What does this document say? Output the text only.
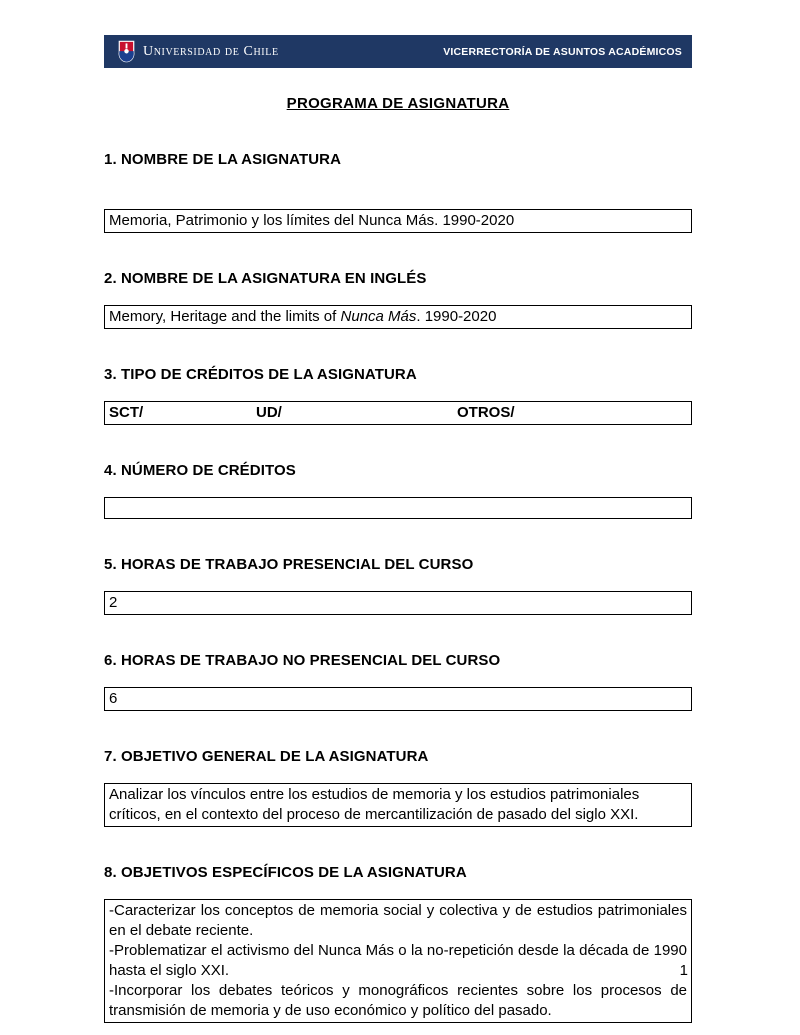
Universidad de Chile	VICERRECTORÍA DE ASUNTOS ACADÉMICOS
PROGRAMA DE ASIGNATURA
1. NOMBRE DE LA ASIGNATURA
Memoria, Patrimonio y los límites del Nunca Más. 1990-2020
2. NOMBRE DE LA ASIGNATURA EN INGLÉS
Memory, Heritage and the limits of Nunca Más. 1990-2020
3. TIPO DE CRÉDITOS DE LA ASIGNATURA
SCT/	UD/	OTROS/
4. NÚMERO DE CRÉDITOS
5. HORAS DE TRABAJO PRESENCIAL DEL CURSO
2
6. HORAS DE TRABAJO NO PRESENCIAL DEL CURSO
6
7. OBJETIVO GENERAL DE LA ASIGNATURA
Analizar los vínculos entre los estudios de memoria y los estudios patrimoniales críticos, en el contexto del proceso de mercantilización de pasado del siglo XXI.
8. OBJETIVOS ESPECÍFICOS DE LA ASIGNATURA
-Caracterizar los conceptos de memoria social y colectiva y de estudios patrimoniales en el debate reciente.
-Problematizar el activismo del Nunca Más o la no-repetición desde la década de 1990 hasta el siglo XXI.
-Incorporar los debates teóricos y monográficos recientes sobre los procesos de transmisión de memoria y de uso económico y político del pasado.
1
